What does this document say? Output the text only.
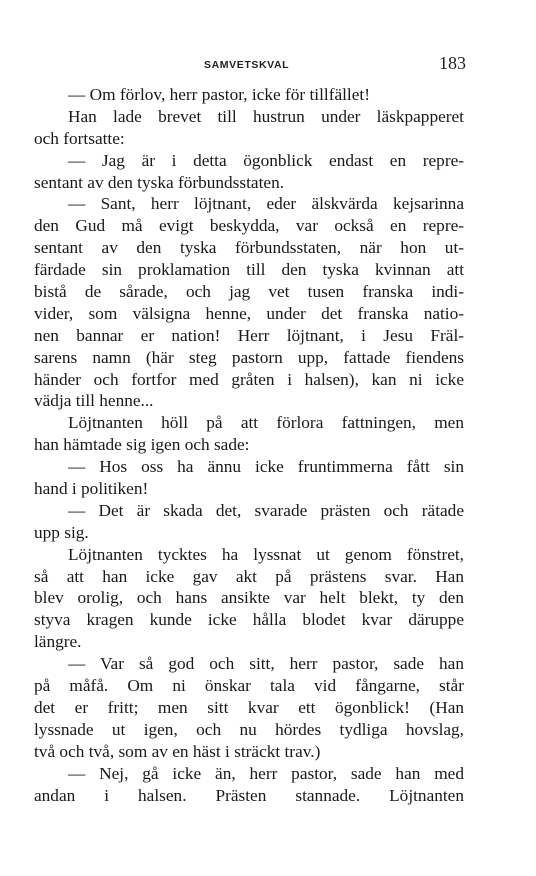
SAMVETSKVAL	183
— Om förlov, herr pastor, icke för tillfället!
Han lade brevet till hustrun under läskpapperet
och fortsatte:
— Jag är i detta ögonblick endast en repre-
sentant av den tyska förbundsstaten.
— Sant, herr löjtnant, eder älskvärda kejsarinna
den Gud må evigt beskydda, var också en repre-
sentant av den tyska förbundsstaten, när hon ut-
färdade sin proklamation till den tyska kvinnan att
bistå de sårade, och jag vet tusen franska indi-
vider, som välsigna henne, under det franska natio-
nen bannar er nation! Herr löjtnant, i Jesu Fräl-
sarens namn (här steg pastorn upp, fattade fiendens
händer och fortfor med gråten i halsen), kan ni icke
vädja till henne...
Löjtnanten höll på att förlora fattningen, men
han hämtade sig igen och sade:
— Hos oss ha ännu icke fruntimmerna fått sin
hand i politiken!
— Det är skada det, svarade prästen och rätade
upp sig.
Löjtnanten tycktes ha lyssnat ut genom fönstret,
så att han icke gav akt på prästens svar. Han
blev orolig, och hans ansikte var helt blekt, ty den
styva kragen kunde icke hålla blodet kvar däruppe
längre.
— Var så god och sitt, herr pastor, sade han
på måfå. Om ni önskar tala vid fångarne, står
det er fritt; men sitt kvar ett ögonblick! (Han
lyssnade ut igen, och nu hördes tydliga hovslag,
två och två, som av en häst i sträckt trav.)
— Nej, gå icke än, herr pastor, sade han med
andan i halsen. Prästen stannade. Löjtnanten
